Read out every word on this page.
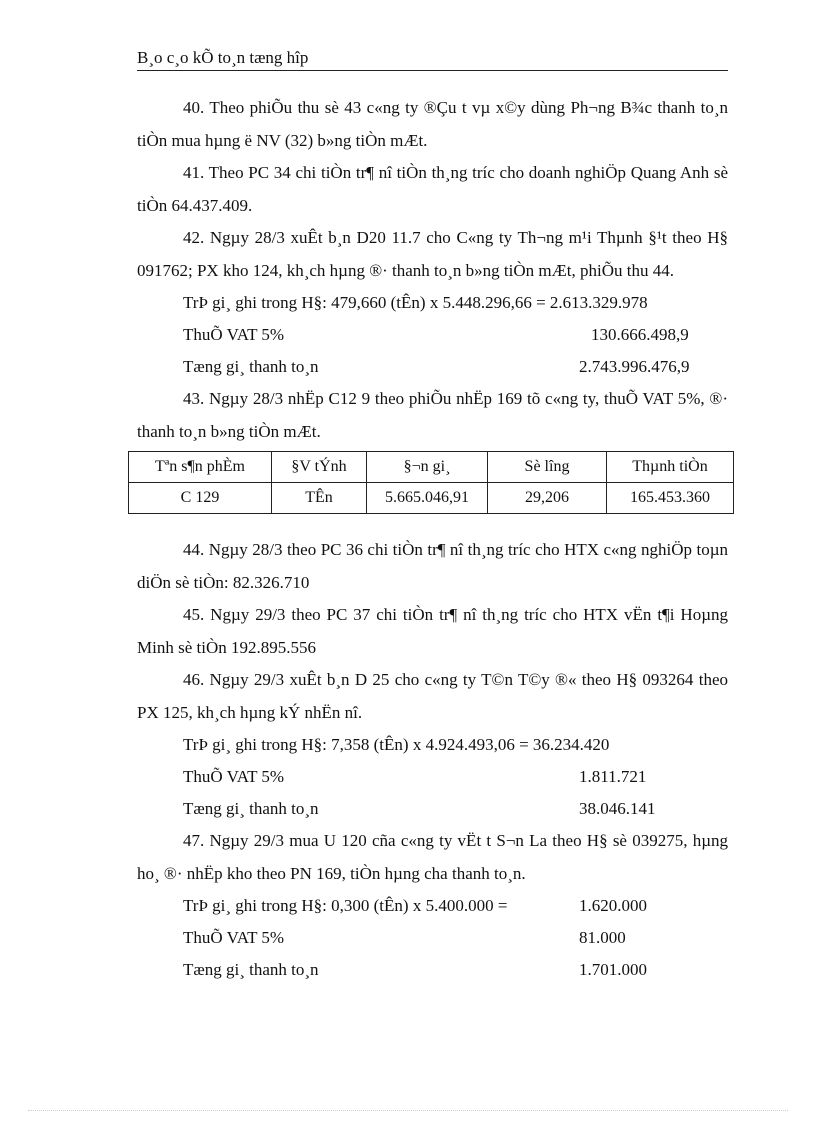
B¸o c¸o kÕ to¸n tæng hîp

40. Theo phiÕu thu sè 43 c«ng ty ®Çu t vµ x©y dùng Ph¬ng B¾c thanh to¸n tiÒn mua hµng ë NV (32) b»ng tiÒn mÆt.

41. Theo PC 34 chi tiÒn tr¶ nî tiÒn th¸ng tríc cho doanh nghiÖp Quang Anh sè tiÒn 64.437.409.

42. Ngµy 28/3 xuÊt b¸n D20 11.7 cho C«ng ty Th¬ng m¹i Thµnh §¹t theo H§ 091762; PX kho 124, kh¸ch hµng ®· thanh to¸n b»ng tiÒn mÆt, phiÕu thu 44.

TrÞ gi¸ ghi trong H§: 479,660 (tÊn) x 5.448.296,66 = 2.613.329.978
ThuÕ VAT 5%	130.666.498,9
Tæng gi¸ thanh to¸n	2.743.996.476,9

43. Ngµy 28/3 nhËp C12 9 theo phiÕu nhËp 169 tõ c«ng ty, thuÕ VAT 5%, ®· thanh to¸n b»ng tiÒn mÆt.

Tªn s¶n phÈm	§V tÝnh	§¬n gi¸	Sè lîng	Thµnh tiÒn
C 129	TÊn	5.665.046,91	29,206	165.453.360

44. Ngµy 28/3 theo PC 36 chi tiÒn tr¶ nî th¸ng tríc cho HTX c«ng nghiÖp toµn diÖn sè tiÒn: 82.326.710

45. Ngµy 29/3 theo PC 37 chi tiÒn tr¶ nî th¸ng tríc cho HTX vËn t¶i Hoµng Minh sè tiÒn 192.895.556

46. Ngµy 29/3 xuÊt b¸n D 25 cho c«ng ty T©n T©y ®« theo H§ 093264 theo PX 125, kh¸ch hµng kÝ nhËn nî.

TrÞ gi¸ ghi trong H§: 7,358 (tÊn) x 4.924.493,06 = 36.234.420
ThuÕ VAT 5%	1.811.721
Tæng gi¸ thanh to¸n	38.046.141

47. Ngµy 29/3 mua U 120 cña c«ng ty vËt t S¬n La theo H§ sè 039275, hµng ho¸ ®· nhËp kho theo PN 169, tiÒn hµng cha thanh to¸n.

TrÞ gi¸ ghi trong H§: 0,300 (tÊn) x 5.400.000 =	1.620.000
ThuÕ VAT 5%	81.000
Tæng gi¸ thanh to¸n	1.701.000
